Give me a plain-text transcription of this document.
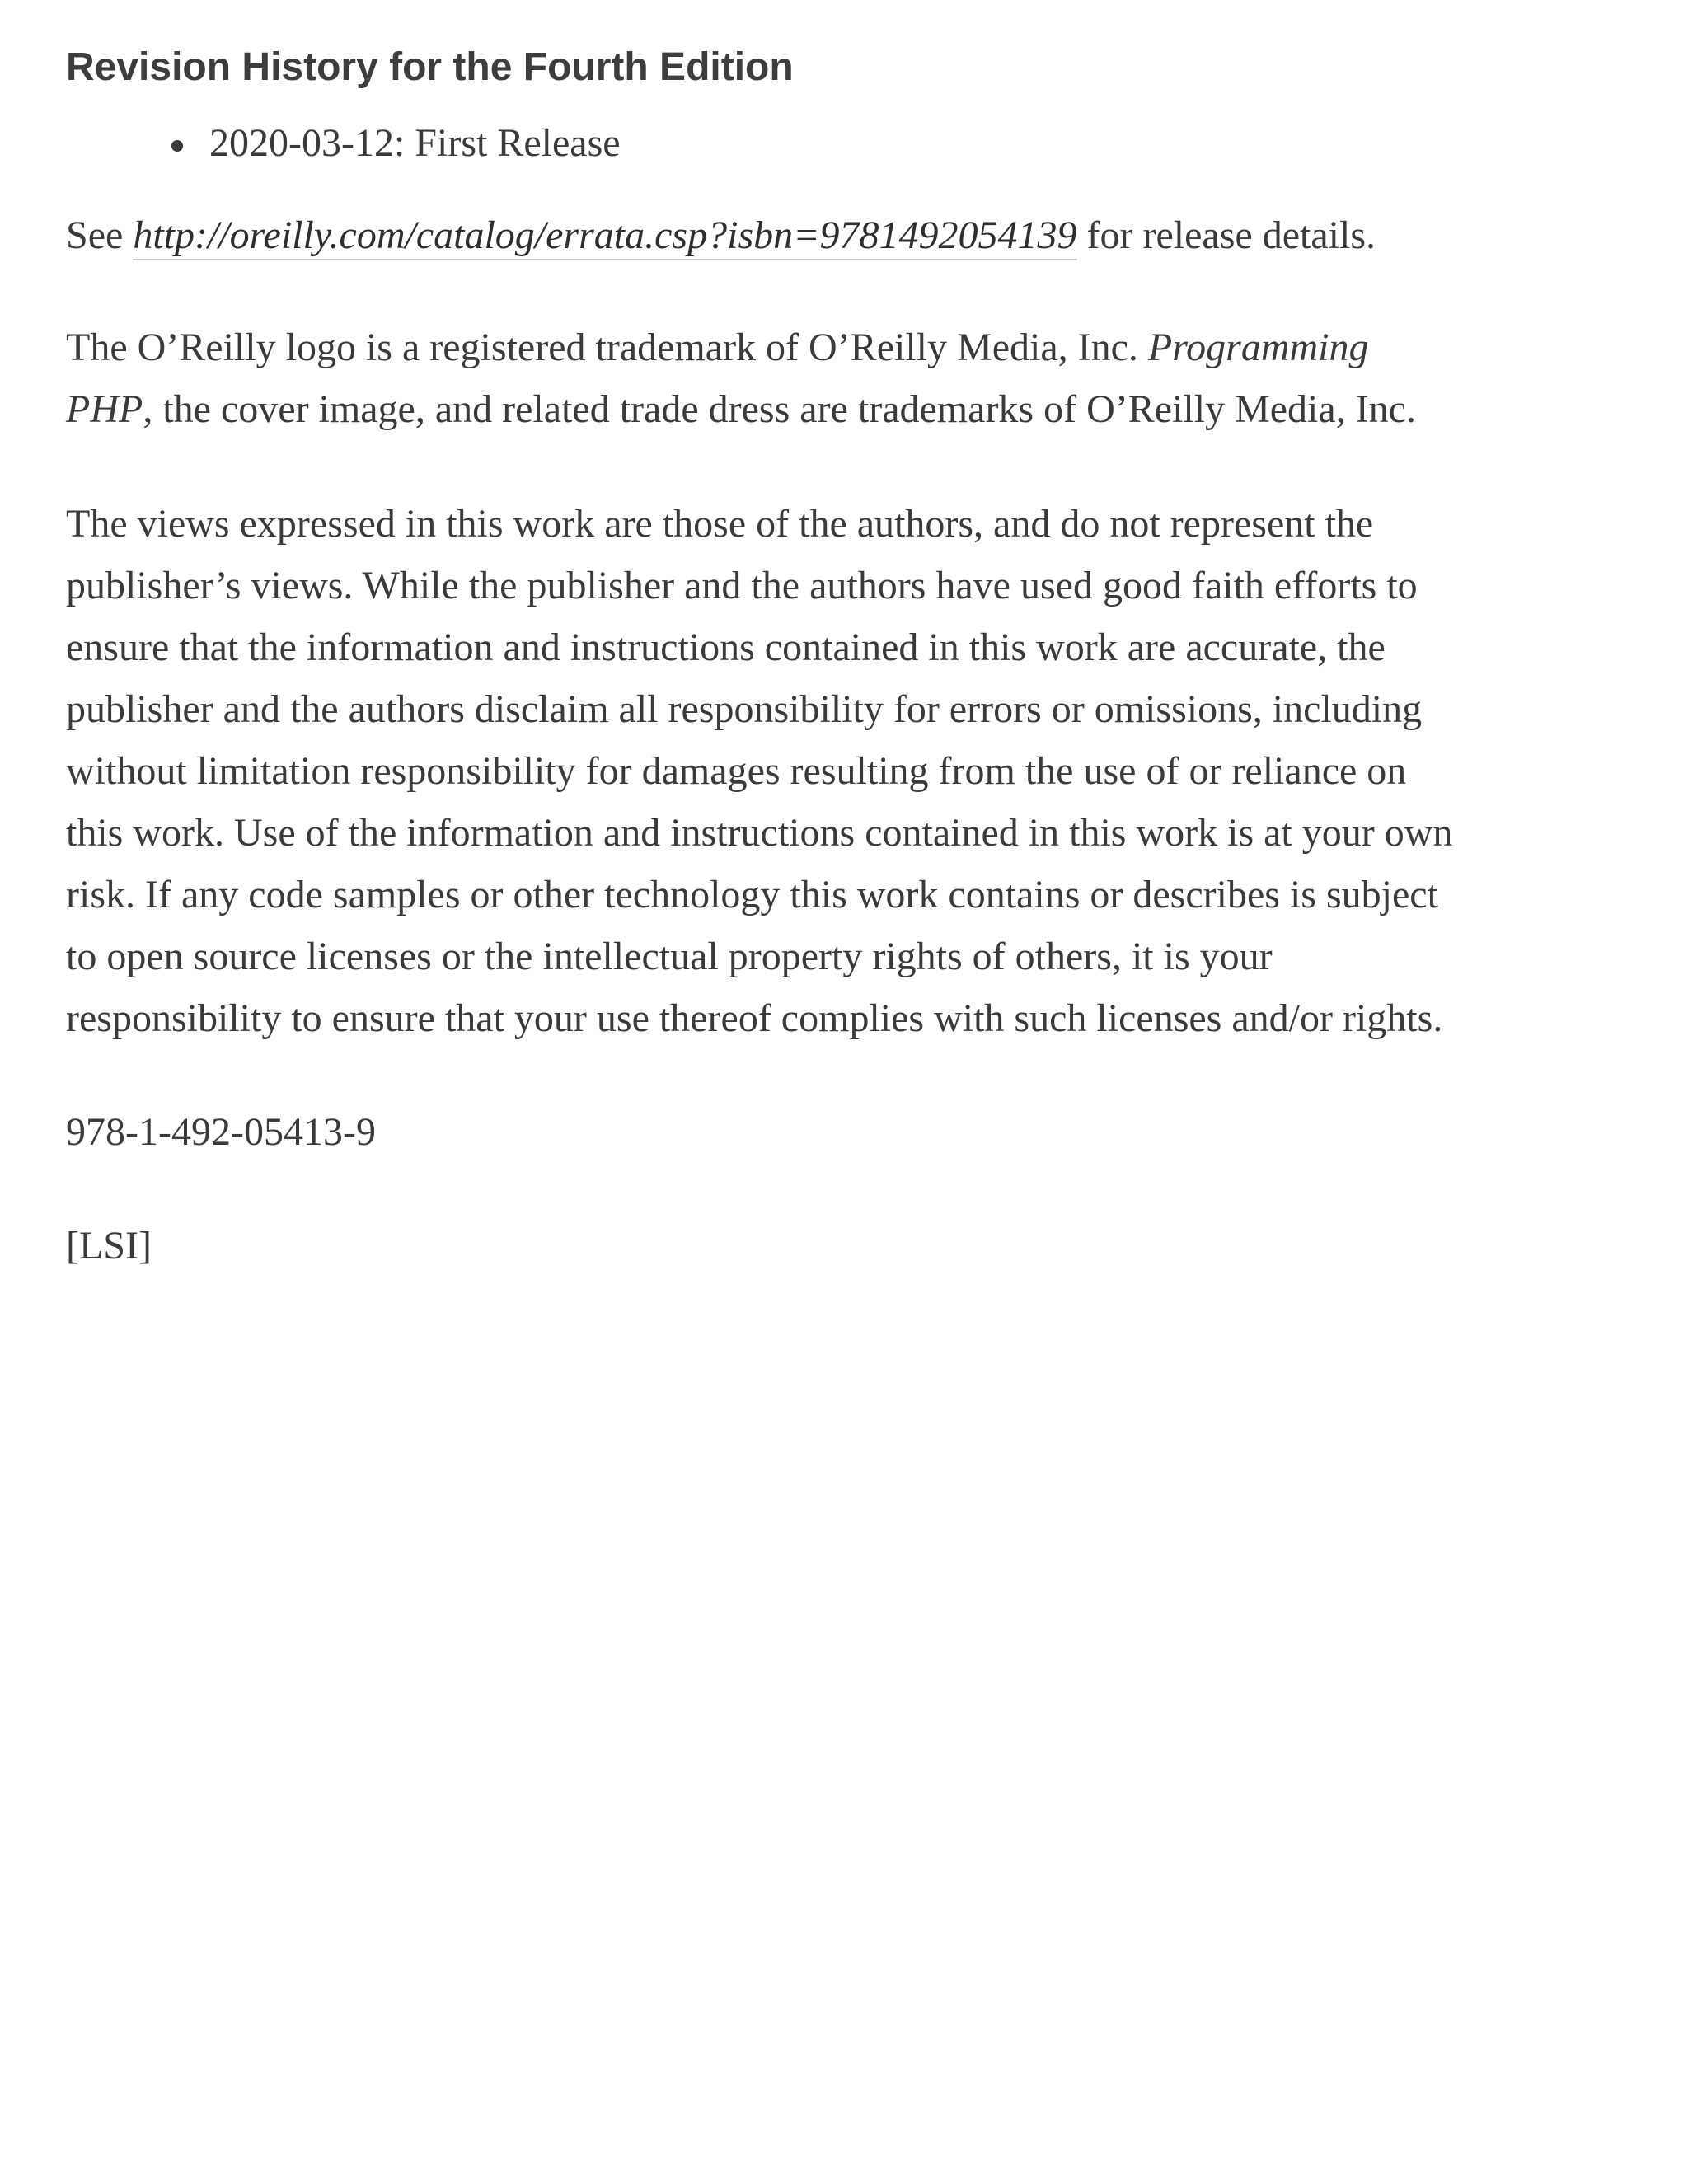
Revision History for the Fourth Edition
2020-03-12: First Release

See http://oreilly.com/catalog/errata.csp?isbn=9781492054139 for release details.

The O’Reilly logo is a registered trademark of O’Reilly Media, Inc. Programming
PHP, the cover image, and related trade dress are trademarks of O’Reilly Media, Inc.

The views expressed in this work are those of the authors, and do not represent the
publisher’s views. While the publisher and the authors have used good faith efforts to
ensure that the information and instructions contained in this work are accurate, the
publisher and the authors disclaim all responsibility for errors or omissions, including
without limitation responsibility for damages resulting from the use of or reliance on
this work. Use of the information and instructions contained in this work is at your own
risk. If any code samples or other technology this work contains or describes is subject
to open source licenses or the intellectual property rights of others, it is your
responsibility to ensure that your use thereof complies with such licenses and/or rights.

978-1-492-05413-9

[LSI]
